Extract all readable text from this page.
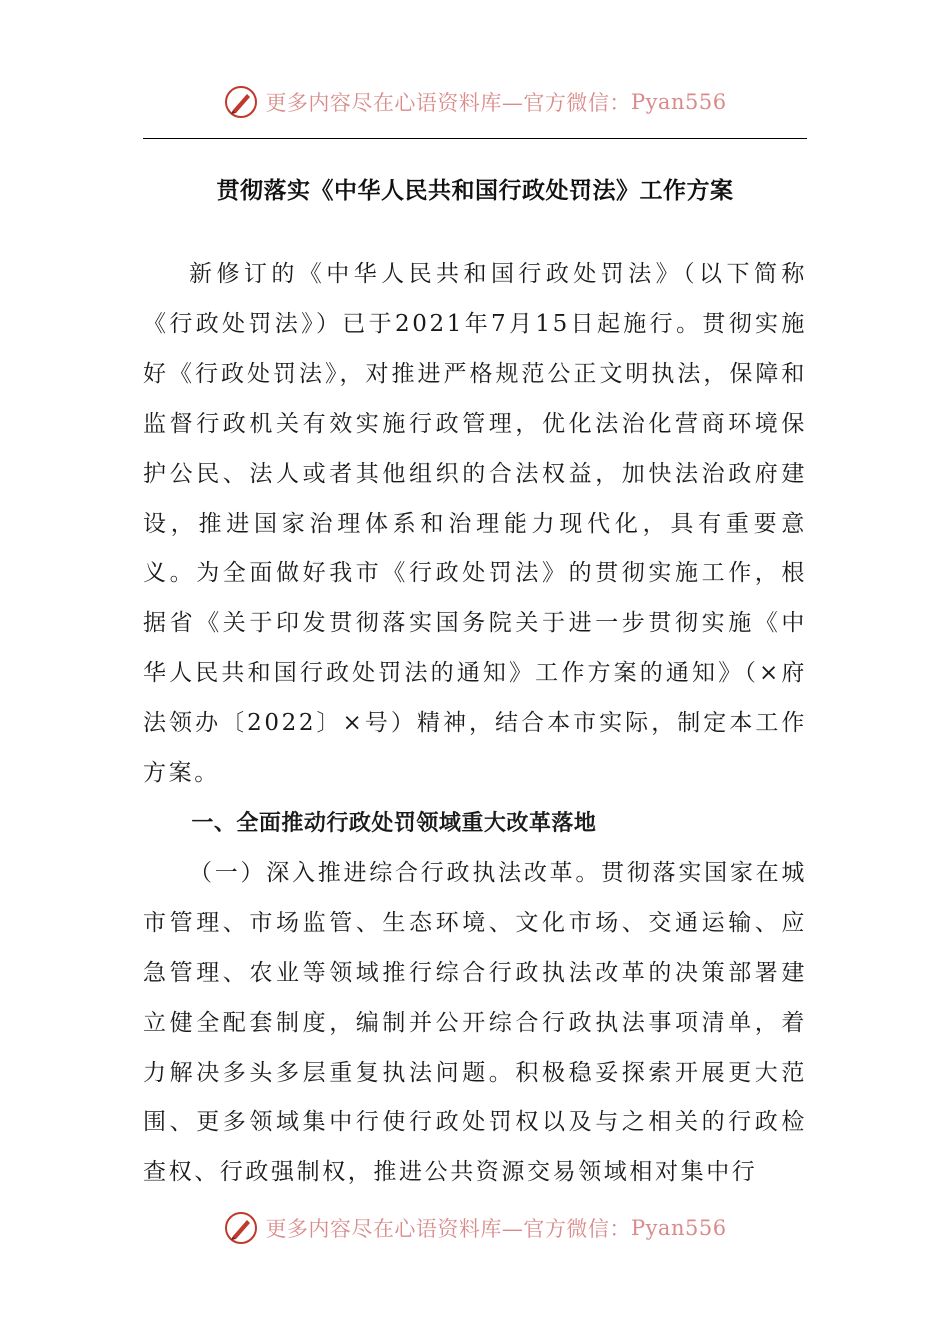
更多内容尽在心语资料库—官方微信： Pyan556
贯彻落实《中华人民共和国行政处罚法》工作方案

新修订的《中华人民共和国行政处罚法》（以下简称《行政处罚法》）已于2021年7月15日起施行。贯彻实施好《行政处罚法》，对推进严格规范公正文明执法，保障和监督行政机关有效实施行政管理，优化法治化营商环境保护公民、法人或者其他组织的合法权益，加快法治政府建设，推进国家治理体系和治理能力现代化，具有重要意义。为全面做好我市《行政处罚法》的贯彻实施工作，根据省《关于印发贯彻落实国务院关于进一步贯彻实施《中华人民共和国行政处罚法的通知》工作方案的通知》（×府法领办〔2022〕×号）精神，结合本市实际，制定本工作方案。

一、全面推动行政处罚领域重大改革落地

（一）深入推进综合行政执法改革。贯彻落实国家在城市管理、市场监管、生态环境、文化市场、交通运输、应急管理、农业等领域推行综合行政执法改革的决策部署建立健全配套制度，编制并公开综合行政执法事项清单，着力解决多头多层重复执法问题。积极稳妥探索开展更大范围、更多领域集中行使行政处罚权以及与之相关的行政检查权、行政强制权，推进公共资源交易领域相对集中行

更多内容尽在心语资料库—官方微信： Pyan556
